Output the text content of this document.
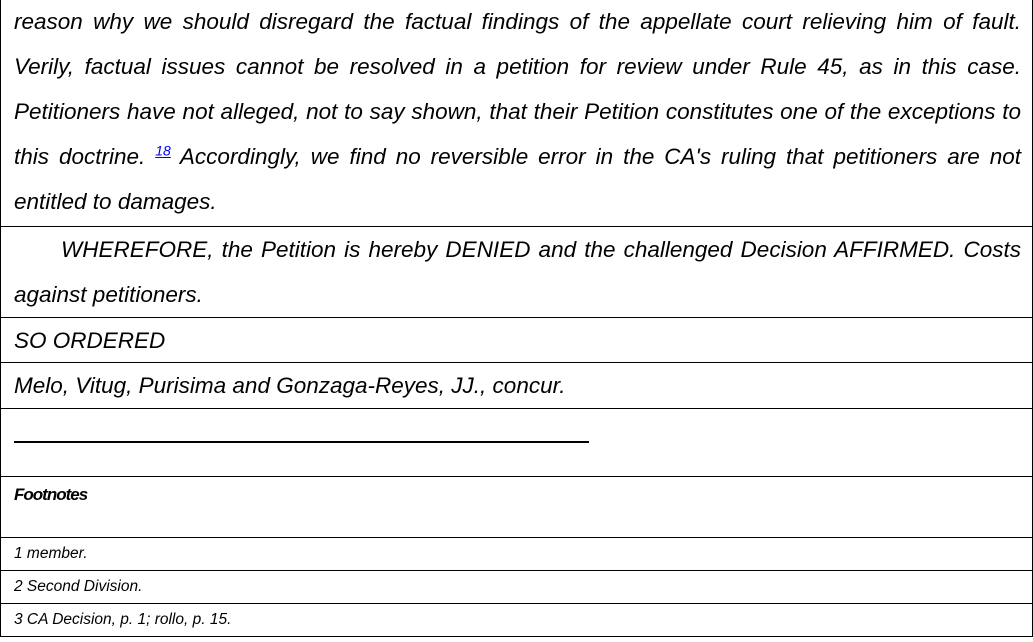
reason why we should disregard the factual findings of the appellate court relieving him of fault. Verily, factual issues cannot be resolved in a petition for review under Rule 45, as in this case. Petitioners have not alleged, not to say shown, that their Petition constitutes one of the exceptions to this doctrine. $^{18}$ Accordingly, we find no reversible error in the CA's ruling that petitioners are not entitled to damages.

WHEREFORE, the Petition is hereby DENIED and the challenged Decision AFFIRMED. Costs against petitioners.

SO ORDERED

Melo, Vitug, Purisima and Gonzaga-Reyes, JJ., concur.

Footnotes
1 member.
2 Second Division.
3 CA Decision, p. 1; rollo, p. 15.
